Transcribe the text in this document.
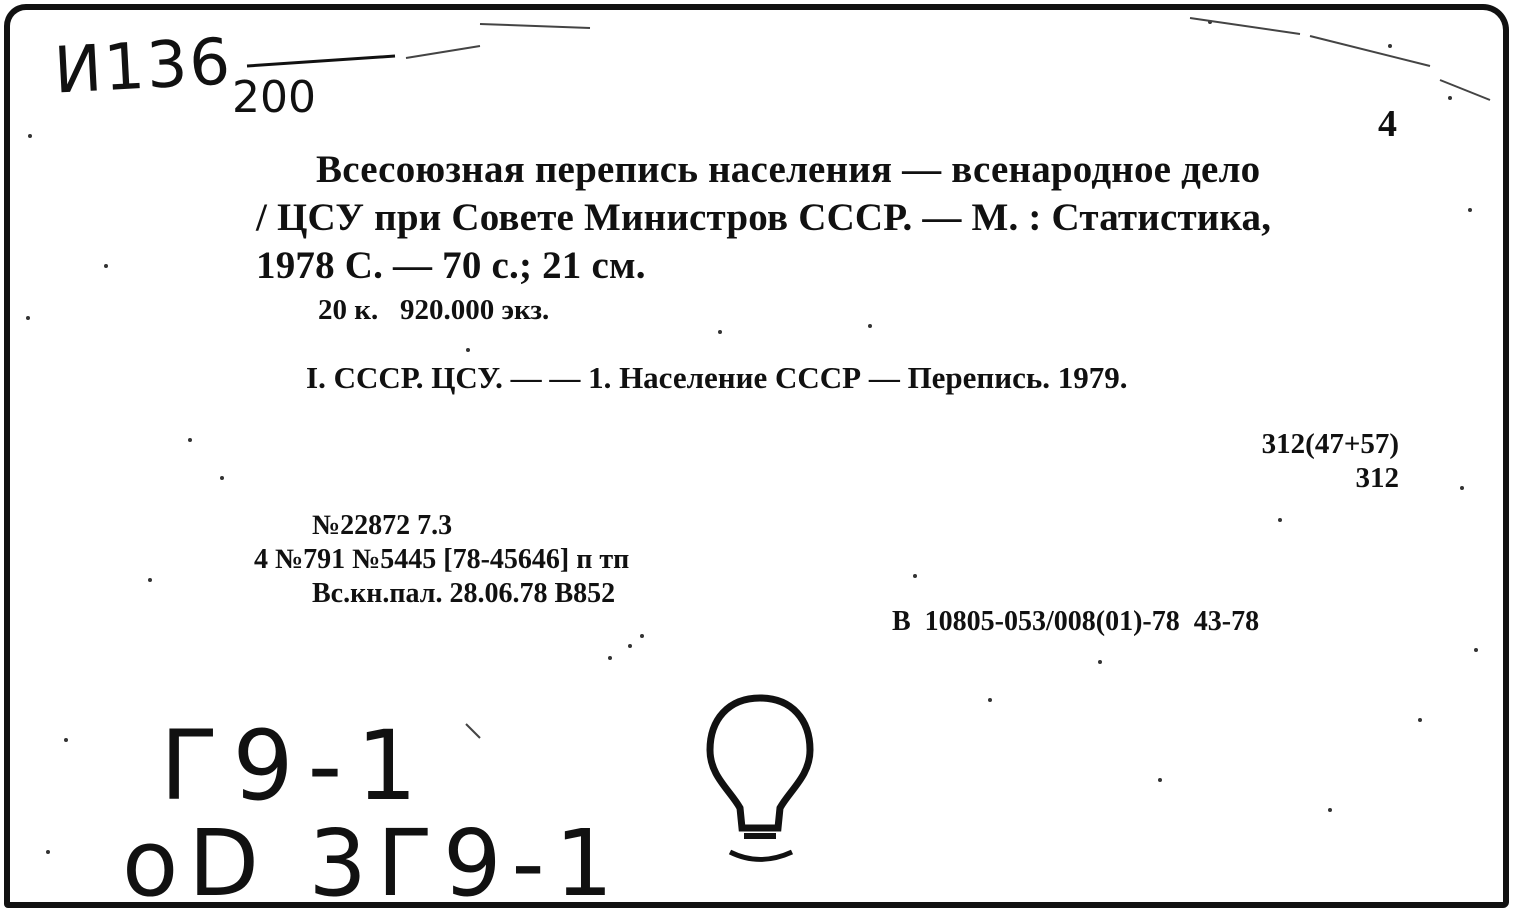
И136
200
4
Всесоюзная перепись населения — всенародное дело
/ ЦСУ при Совете Министров СССР. — М. : Статистика,
1978 С. — 70 с.; 21 см.
20 к.   920.000 экз.
I. СССР. ЦСУ. — — 1. Население СССР — Перепись. 1979.
312(47+57)
312
№22872 7.3
4 №791 №5445 [78-45646] п тп
Вс.кн.пал. 28.06.78 В852
В  10805-053/008(01)-78  43-78
Г9-1
оD 3Г9-1
